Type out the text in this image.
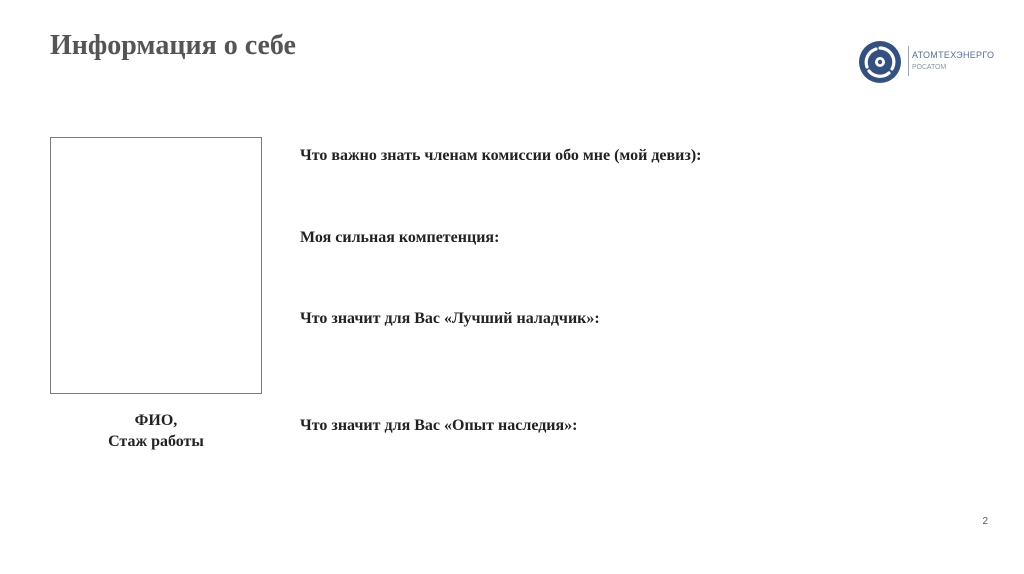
Информация о себе	АТОМТЕХЭНЕРГО
РОСАТОМ
ФИО,
Стаж работы
Что важно знать членам комиссии обо мне (мой девиз):
Моя сильная компетенция:
Что значит для Вас «Лучший наладчик»:
Что значит для Вас «Опыт наследия»:
2
